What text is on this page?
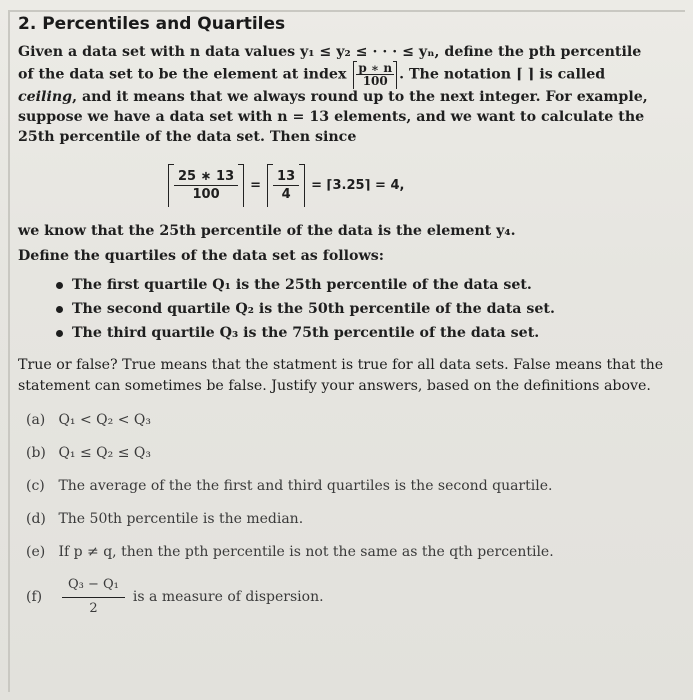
2. Percentiles and Quartiles

Given a data set with n data values y₁ ≤ y₂ ≤ · · · ≤ yₙ, define the pth percentile of the data set to be the element at index $\frac{p ∗ n}{100}$ . The notation ⌈ ⌉ is called ceiling, and it means that we always round up to the next integer. For example, suppose we have a data set with n = 13 elements, and we want to calculate the 25th percentile of the data set. Then since

$\frac{25 ∗ 13}{100} = \frac{13}{4}$ = ⌈3.25⌉ = 4,

we know that the 25th percentile of the data is the element y₄.

Define the quartiles of the data set as follows:

The first quartile Q₁ is the 25th percentile of the data set.
The second quartile Q₂ is the 50th percentile of the data set.
The third quartile Q₃ is the 75th percentile of the data set.

True or false? True means that the statment is true for all data sets. False means that the statement can sometimes be false. Justify your answers, based on the definitions above.

(a) Q₁ < Q₂ < Q₃
(b) Q₁ ≤ Q₂ ≤ Q₃
(c) The average of the the first and third quartiles is the second quartile.
(d) The 50th percentile is the median.
(e) If p ≠ q, then the pth percentile is not the same as the qth percentile.
(f)	$\frac{\text{Q₃ − Q₁}}{2}$ is a measure of dispersion.
